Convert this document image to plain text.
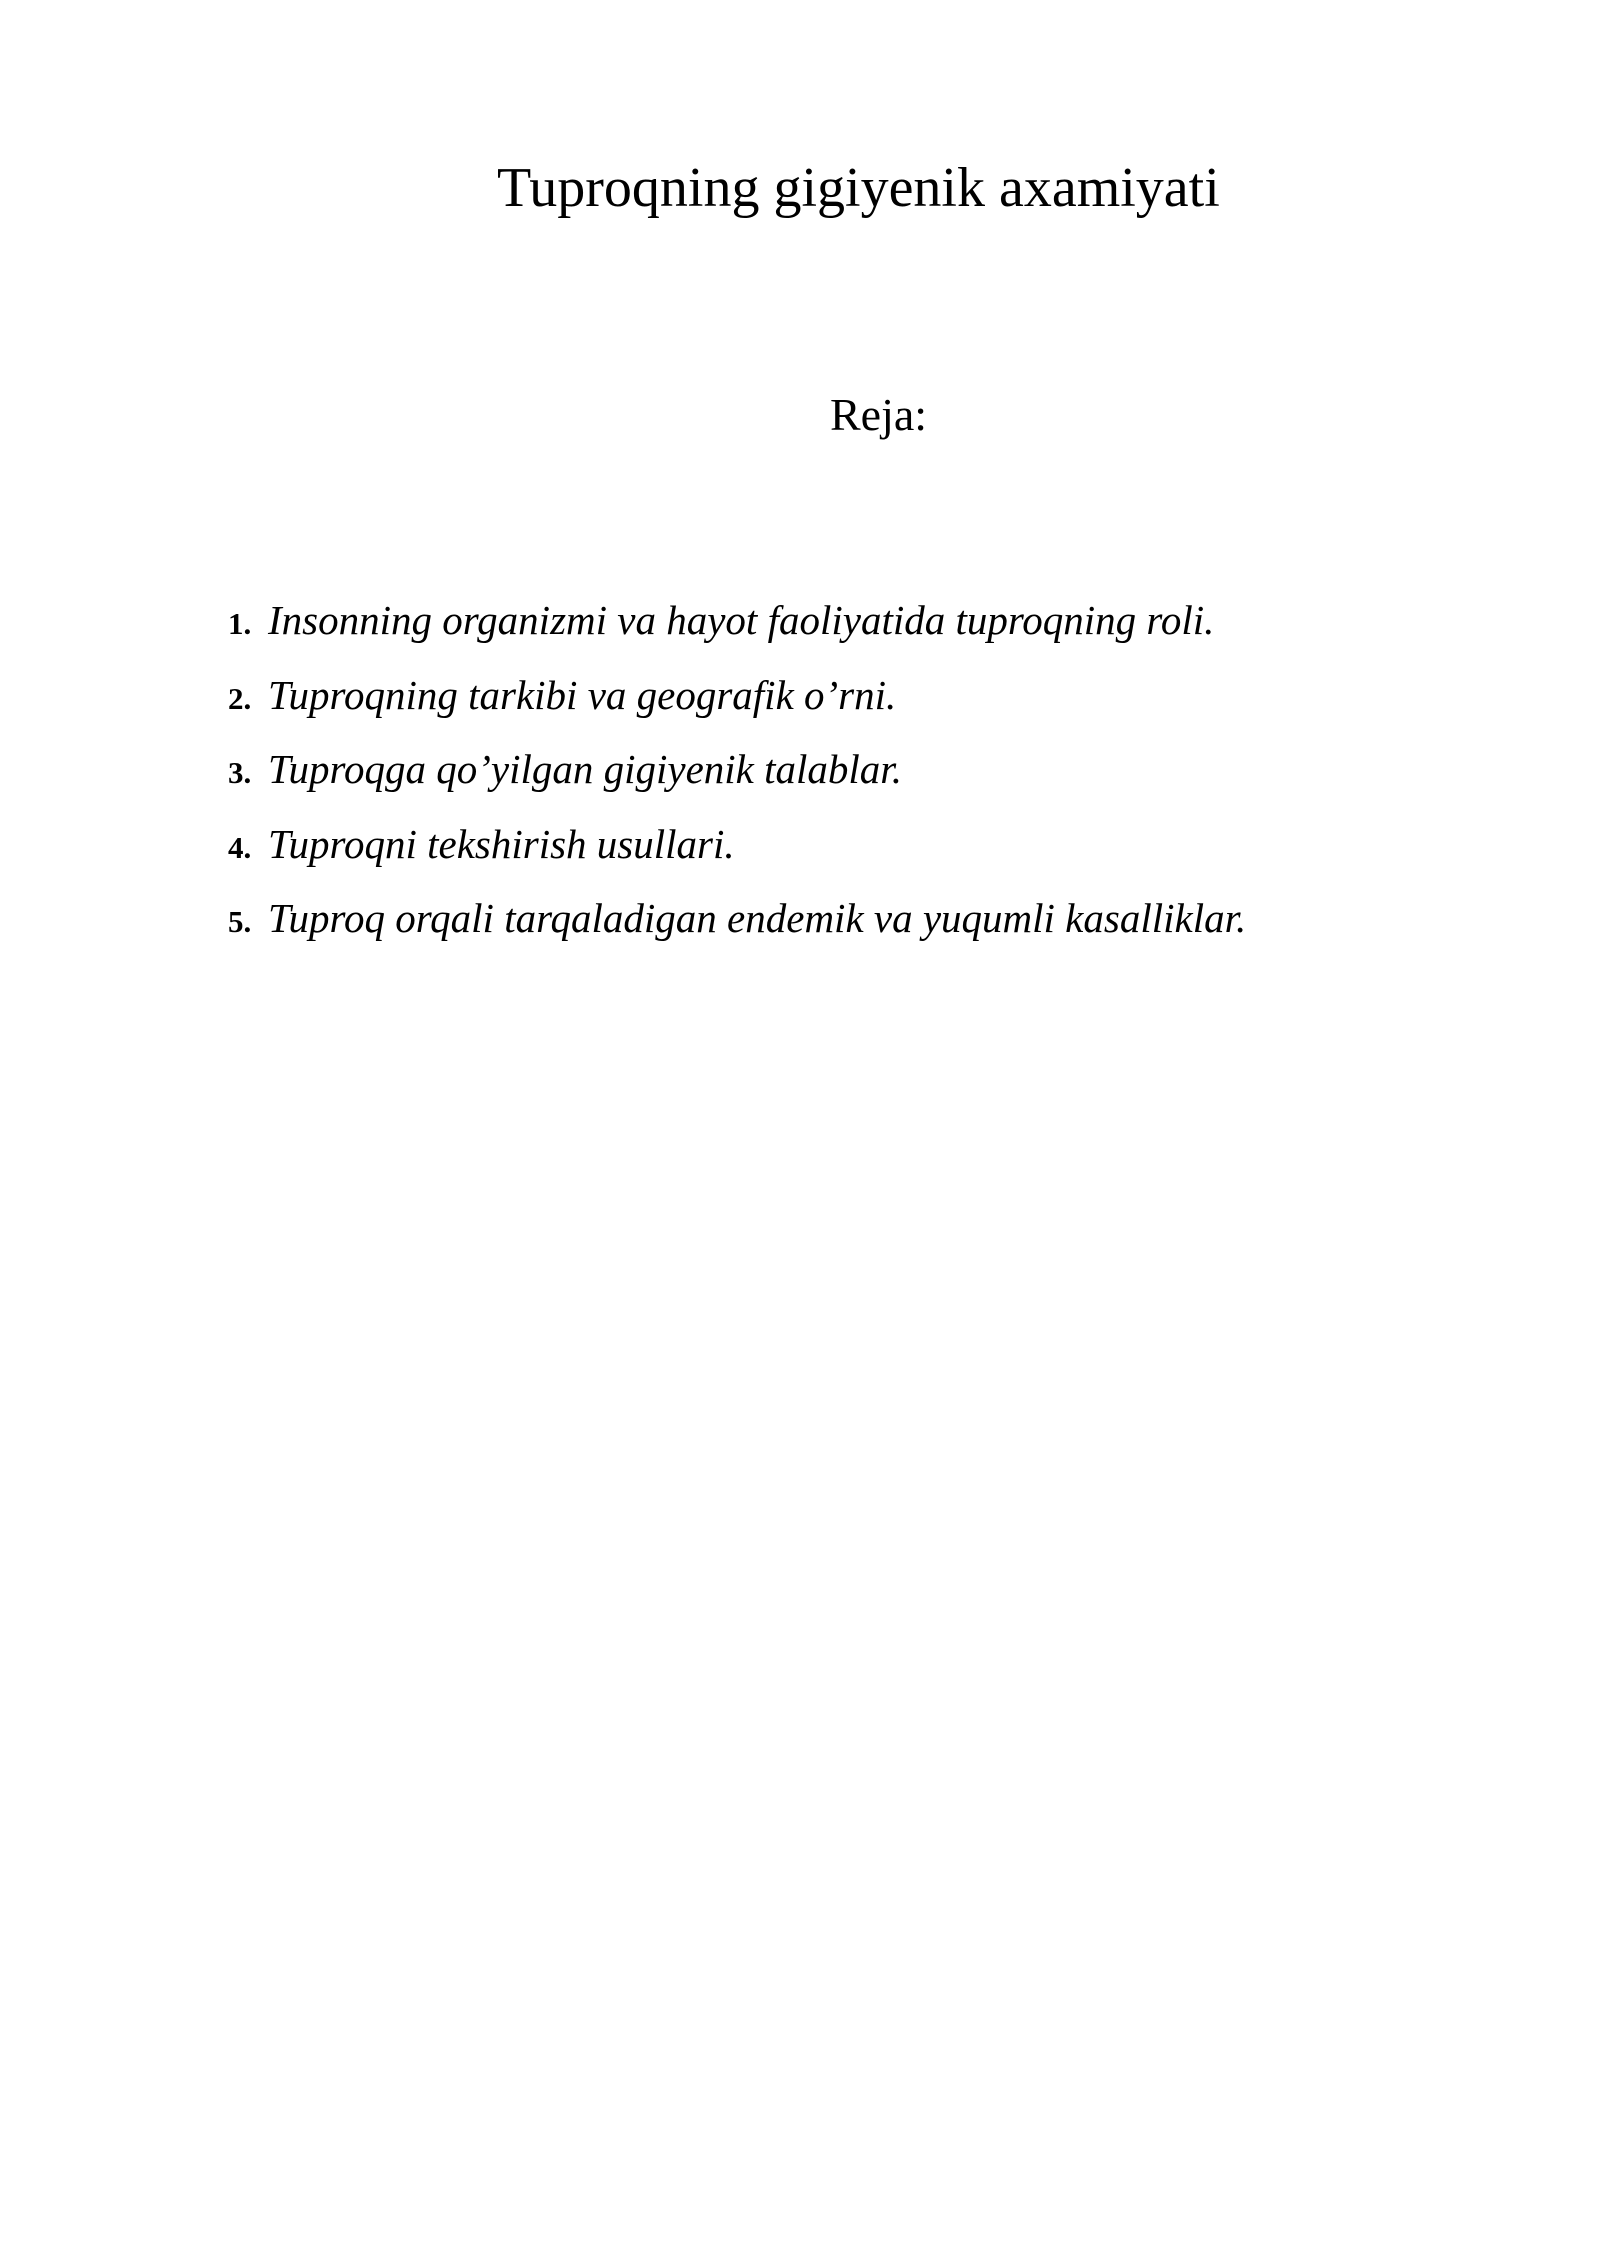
Tuproqning gigiyenik axamiyati
Reja:
1. Insonning organizmi va hayot faoliyatida tuproqning roli.
2. Tuproqning tarkibi va geografik o’rni.
3. Tuproqga qo’yilgan gigiyenik talablar.
4. Tuproqni tekshirish usullari.
5. Tuproq orqali tarqaladigan endemik va yuqumli kasalliklar.
